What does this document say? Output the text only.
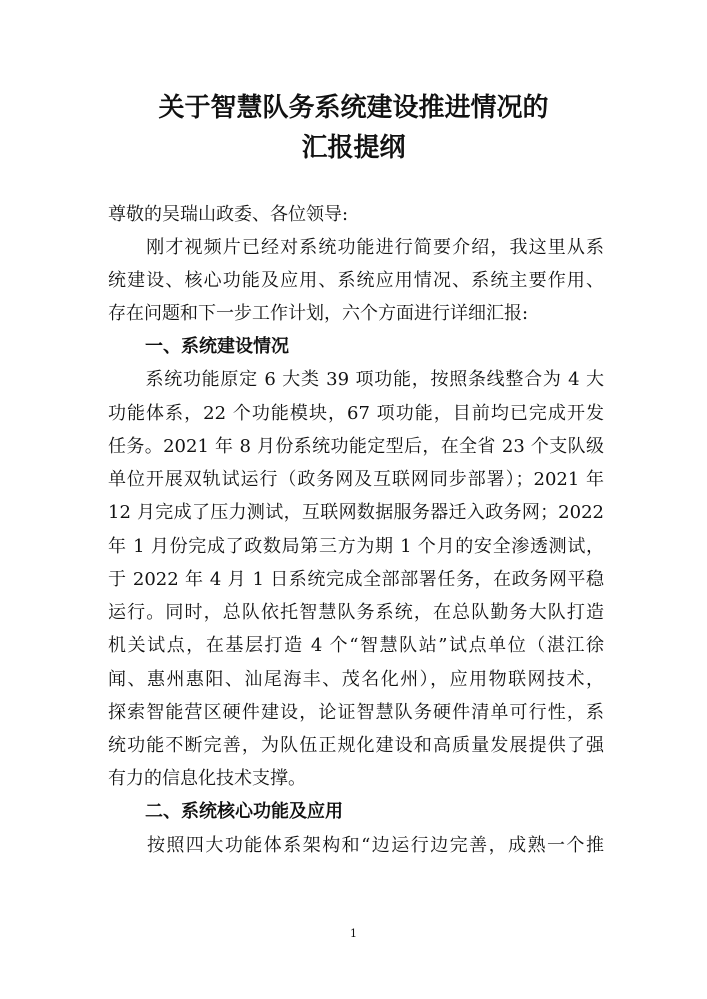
关于智慧队务系统建设推进情况的
汇报提纲
尊敬的吴瑞山政委、各位领导:
　　刚才视频片已经对系统功能进行简要介绍，我这里从系
统建设、核心功能及应用、系统应用情况、系统主要作用、
存在问题和下一步工作计划，六个方面进行详细汇报:
一、系统建设情况
　　系统功能原定 6 大类 39 项功能，按照条线整合为 4 大
功能体系，22 个功能模块，67 项功能，目前均已完成开发
任务。2021 年 8 月份系统功能定型后，在全省 23 个支队级
单位开展双轨试运行（政务网及互联网同步部署）；2021 年
12 月完成了压力测试，互联网数据服务器迁入政务网；2022
年 1 月份完成了政数局第三方为期 1 个月的安全渗透测试，
于 2022 年 4 月 1 日系统完成全部部署任务，在政务网平稳
运行。同时，总队依托智慧队务系统，在总队勤务大队打造
机关试点，在基层打造 4 个“智慧队站”试点单位（湛江徐
闻、惠州惠阳、汕尾海丰、茂名化州），应用物联网技术，
探索智能营区硬件建设，论证智慧队务硬件清单可行性，系
统功能不断完善，为队伍正规化建设和高质量发展提供了强
有力的信息化技术支撑。
二、系统核心功能及应用
　　按照四大功能体系架构和“边运行边完善，成熟一个推
1
